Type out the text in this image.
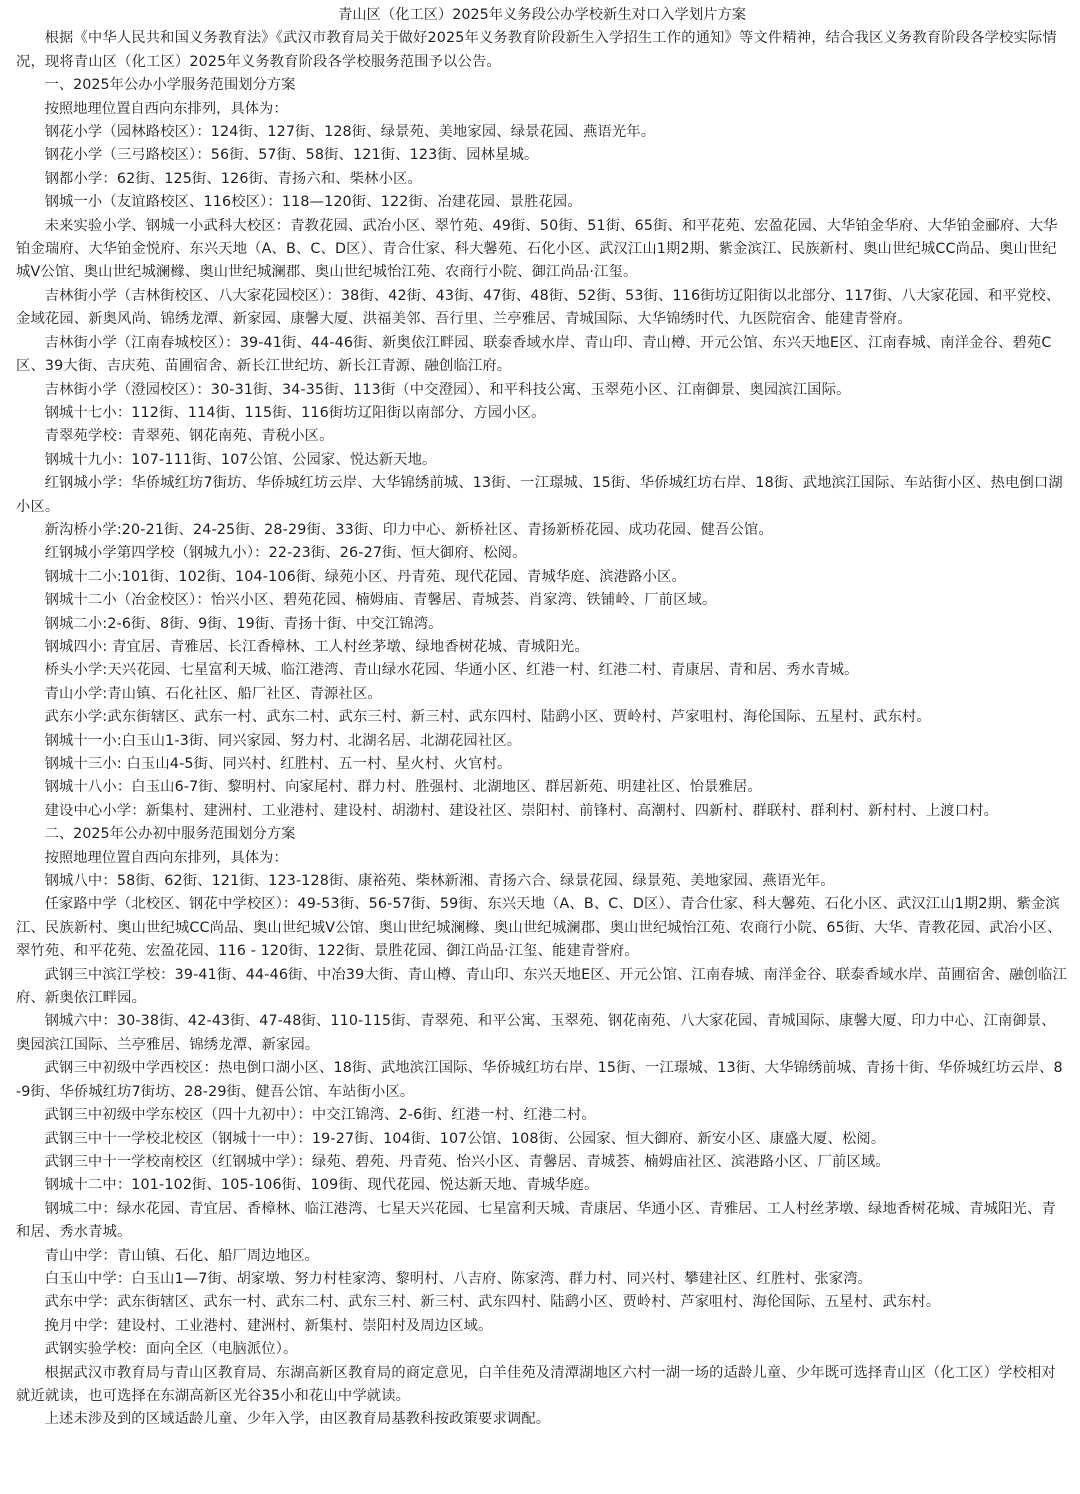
青山区（化工区）2025年义务段公办学校新生对口入学划片方案

根据《中华人民共和国义务教育法》《武汉市教育局关于做好2025年义务教育阶段新生入学招生工作的通知》等文件精神，结合我区义务教育阶段各学校实际情况，现将青山区（化工区）2025年义务教育阶段各学校服务范围予以公告。

一、2025年公办小学服务范围划分方案

按照地理位置自西向东排列，具体为：

钢花小学（园林路校区）：124街、127街、128街、绿景苑、美地家园、绿景花园、燕语光年。

钢花小学（三弓路校区）：56街、57街、58街、121街、123街、园林星城。

钢都小学：62街、125街、126街、青扬六和、柴林小区。

钢城一小（友谊路校区、116校区）：118—120街、122街、冶建花园、景胜花园。

未来实验小学、钢城一小武科大校区：青教花园、武冶小区、翠竹苑、49街、50街、51街、65街、和平花苑、宏盈花园、大华铂金华府、大华铂金郦府、大华铂金瑞府、大华铂金悦府、东兴天地（A、B、C、D区）、青合仕家、科大馨苑、石化小区、武汉江山1期2期、紫金滨江、民族新村、奥山世纪城CC尚品、奥山世纪城V公馆、奥山世纪城澜橼、奥山世纪城澜郡、奥山世纪城怡江苑、农商行小院、御江尚品·江玺。

吉林街小学（吉林街校区、八大家花园校区）：38街、42街、43街、47街、48街、52街、53街、116街坊辽阳街以北部分、117街、八大家花园、和平党校、金域花园、新奥风尚、锦绣龙潭、新家园、康馨大厦、洪福美邻、吾行里、兰亭雅居、青城国际、大华锦绣时代、九医院宿舍、能建青誉府。

吉林街小学（江南春城校区）：39-41街、44-46街、新奥依江畔园、联泰香域水岸、青山印、青山樽、开元公馆、东兴天地E区、江南春城、南洋金谷、碧苑C区、39大街、吉庆苑、苗圃宿舍、新长江世纪坊、新长江青源、融创临江府。

吉林街小学（澄园校区）：30-31街、34-35街、113街（中交澄园）、和平科技公寓、玉翠苑小区、江南御景、奥园滨江国际。

钢城十七小：112街、114街、115街、116街坊辽阳街以南部分、方园小区。

青翠苑学校：青翠苑、钢花南苑、青税小区。

钢城十九小：107-111街、107公馆、公园家、悦达新天地。

红钢城小学：华侨城红坊7街坊、华侨城红坊云岸、大华锦绣前城、13街、一江璟城、15街、华侨城红坊右岸、18街、武地滨江国际、车站街小区、热电倒口湖小区。

新沟桥小学:20-21街、24-25街、28-29街、33街、印力中心、新桥社区、青扬新桥花园、成功花园、健吾公馆。

红钢城小学第四学校（钢城九小）：22-23街、26-27街、恒大御府、松阅。

钢城十二小:101街、102街、104-106街、绿苑小区、丹青苑、现代花园、青城华庭、滨港路小区。

钢城十二小（冶金校区）：怡兴小区、碧苑花园、楠姆庙、青馨居、青城荟、肖家湾、铁铺岭、厂前区域。

钢城二小:2-6街、8街、9街、19街、青扬十街、中交江锦湾。

钢城四小: 青宜居、青雅居、长江香樟林、工人村丝茅墩、绿地香树花城、青城阳光。

桥头小学:天兴花园、七星富利天城、临江港湾、青山绿水花园、华通小区、红港一村、红港二村、青康居、青和居、秀水青城。

青山小学:青山镇、石化社区、船厂社区、青源社区。

武东小学:武东街辖区、武东一村、武东二村、武东三村、新三村、武东四村、陆鹞小区、贾岭村、芦家咀村、海伦国际、五星村、武东村。

钢城十一小:白玉山1-3街、同兴家园、努力村、北湖名居、北湖花园社区。

钢城十三小: 白玉山4-5街、同兴村、红胜村、五一村、星火村、火官村。

钢城十八小：白玉山6-7街、黎明村、向家尾村、群力村、胜强村、北湖地区、群居新苑、明建社区、怡景雅居。

建设中心小学：新集村、建洲村、工业港村、建设村、胡渤村、建设社区、崇阳村、前锋村、高潮村、四新村、群联村、群利村、新村村、上渡口村。

二、2025年公办初中服务范围划分方案

按照地理位置自西向东排列，具体为：

钢城八中：58街、62街、121街、123-128街、康裕苑、柴林新湘、青扬六合、绿景花园、绿景苑、美地家园、燕语光年。

任家路中学（北校区、钢花中学校区）：49-53街、56-57街、59街、东兴天地（A、B、C、D区）、青合仕家、科大馨苑、石化小区、武汉江山1期2期、紫金滨江、民族新村、奥山世纪城CC尚品、奥山世纪城V公馆、奥山世纪城澜橼、奥山世纪城澜郡、奥山世纪城怡江苑、农商行小院、65街、大华、青教花园、武冶小区、翠竹苑、和平花苑、宏盈花园、116 - 120街、122街、景胜花园、御江尚品·江玺、能建青誉府。

武钢三中滨江学校：39-41街、44-46街、中冶39大街、青山樽、青山印、东兴天地E区、开元公馆、江南春城、南洋金谷、联泰香域水岸、苗圃宿舍、融创临江府、新奥依江畔园。

钢城六中：30-38街、42-43街、47-48街、110-115街、青翠苑、和平公寓、玉翠苑、钢花南苑、八大家花园、青城国际、康馨大厦、印力中心、江南御景、奥园滨江国际、兰亭雅居、锦绣龙潭、新家园。

武钢三中初级中学西校区：热电倒口湖小区、18街、武地滨江国际、华侨城红坊右岸、15街、一江璟城、13街、大华锦绣前城、青扬十街、华侨城红坊云岸、8-9街、华侨城红坊7街坊、28-29街、健吾公馆、车站街小区。

武钢三中初级中学东校区（四十九初中）：中交江锦湾、2-6街、红港一村、红港二村。

武钢三中十一学校北校区（钢城十一中）：19-27街、104街、107公馆、108街、公园家、恒大御府、新安小区、康盛大厦、松阅。

武钢三中十一学校南校区（红钢城中学）：绿苑、碧苑、丹青苑、怡兴小区、青馨居、青城荟、楠姆庙社区、滨港路小区、厂前区域。

钢城十二中：101-102街、105-106街、109街、现代花园、悦达新天地、青城华庭。

钢城二中：绿水花园、青宜居、香樟林、临江港湾、七星天兴花园、七星富利天城、青康居、华通小区、青雅居、工人村丝茅墩、绿地香树花城、青城阳光、青和居、秀水青城。

青山中学：青山镇、石化、船厂周边地区。

白玉山中学：白玉山1—7街、胡家墩、努力村桂家湾、黎明村、八吉府、陈家湾、群力村、同兴村、攀建社区、红胜村、张家湾。

武东中学：武东街辖区、武东一村、武东二村、武东三村、新三村、武东四村、陆鹞小区、贾岭村、芦家咀村、海伦国际、五星村、武东村。

挽月中学：建设村、工业港村、建洲村、新集村、崇阳村及周边区域。

武钢实验学校：面向全区（电脑派位）。

根据武汉市教育局与青山区教育局、东湖高新区教育局的商定意见，白羊佳苑及清潭湖地区六村一湖一场的适龄儿童、少年既可选择青山区（化工区）学校相对就近就读，也可选择在东湖高新区光谷35小和花山中学就读。

上述未涉及到的区域适龄儿童、少年入学，由区教育局基教科按政策要求调配。
